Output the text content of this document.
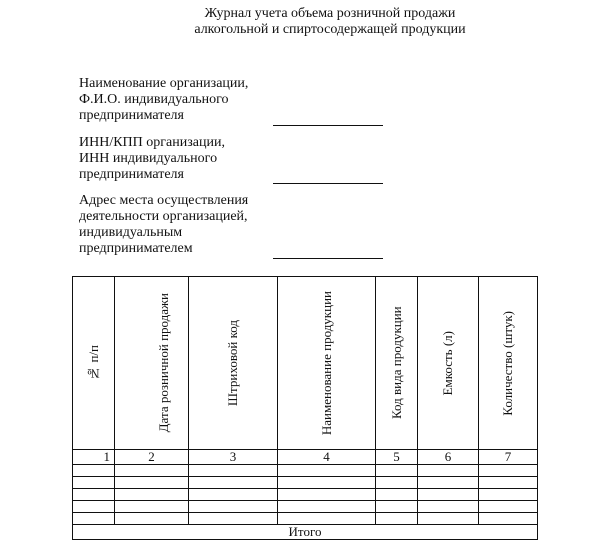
Журнал учета объема розничной продажи
алкогольной и спиртосодержащей продукции
Наименование организации,
Ф.И.О. индивидуального
предпринимателя
ИНН/КПП организации,
ИНН индивидуального
предпринимателя
Адрес места осуществления
деятельности организацией,
индивидуальным
предпринимателем
№ п/п	Дата розничной продажи	Штриховой код	Наименование продукции	Код вида продукции	Емкость (л)	Количество (штук)

1	2	3	4	5	6	7

Итого						
